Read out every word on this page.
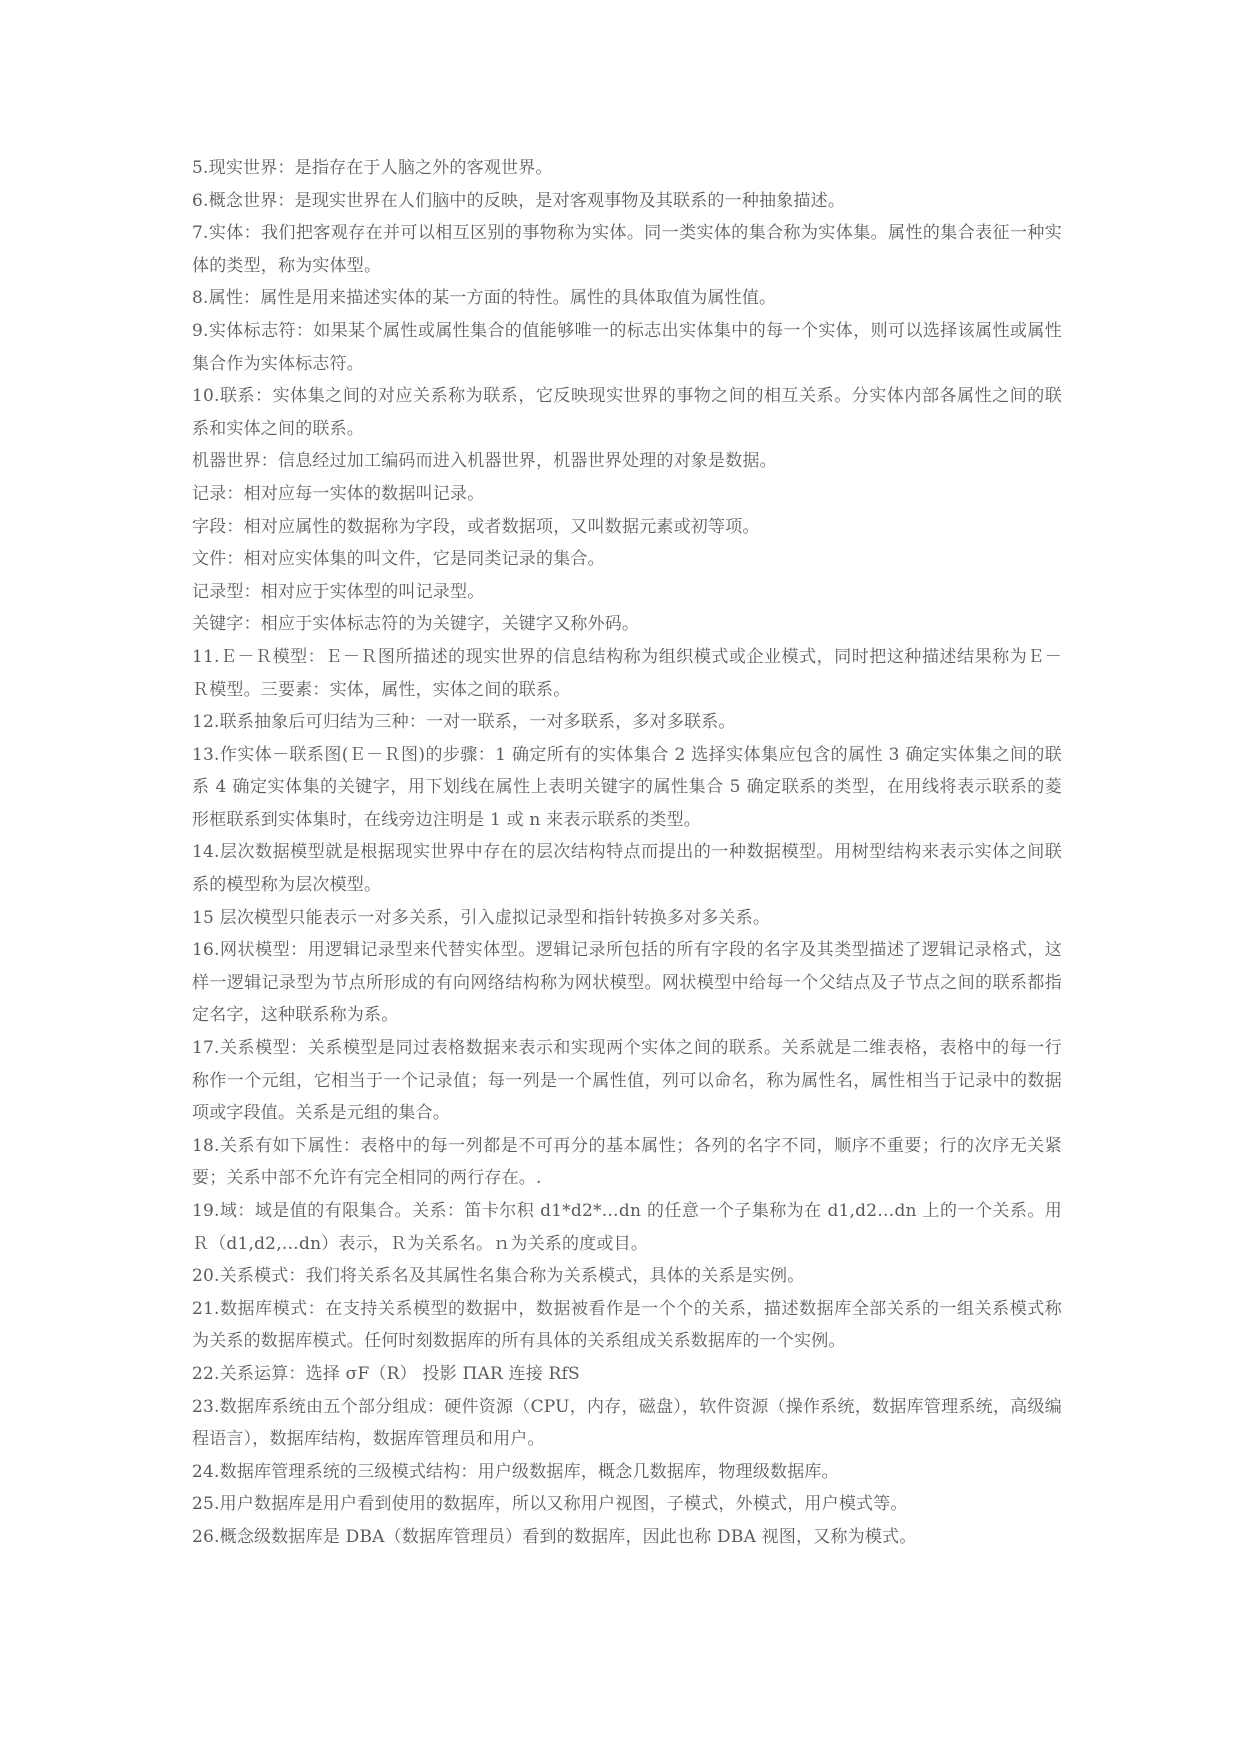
5.现实世界：是指存在于人脑之外的客观世界。

6.概念世界：是现实世界在人们脑中的反映，是对客观事物及其联系的一种抽象描述。

7.实体：我们把客观存在并可以相互区别的事物称为实体。同一类实体的集合称为实体集。属性的集合表征一种实体的类型，称为实体型。

8.属性：属性是用来描述实体的某一方面的特性。属性的具体取值为属性值。

9.实体标志符：如果某个属性或属性集合的值能够唯一的标志出实体集中的每一个实体，则可以选择该属性或属性集合作为实体标志符。

10.联系：实体集之间的对应关系称为联系，它反映现实世界的事物之间的相互关系。分实体内部各属性之间的联系和实体之间的联系。

机器世界：信息经过加工编码而进入机器世界，机器世界处理的对象是数据。

记录：相对应每一实体的数据叫记录。

字段：相对应属性的数据称为字段，或者数据项，又叫数据元素或初等项。

文件：相对应实体集的叫文件，它是同类记录的集合。

记录型：相对应于实体型的叫记录型。

关键字：相应于实体标志符的为关键字，关键字又称外码。

11.Ｅ－Ｒ模型：Ｅ－Ｒ图所描述的现实世界的信息结构称为组织模式或企业模式，同时把这种描述结果称为Ｅ－Ｒ模型。三要素：实体，属性，实体之间的联系。

12.联系抽象后可归结为三种：一对一联系，一对多联系，多对多联系。

13.作实体－联系图(Ｅ－Ｒ图)的步骤：1 确定所有的实体集合 2 选择实体集应包含的属性 3 确定实体集之间的联系 4 确定实体集的关键字，用下划线在属性上表明关键字的属性集合 5 确定联系的类型，在用线将表示联系的菱形框联系到实体集时，在线旁边注明是 1 或 n 来表示联系的类型。

14.层次数据模型就是根据现实世界中存在的层次结构特点而提出的一种数据模型。用树型结构来表示实体之间联系的模型称为层次模型。

15 层次模型只能表示一对多关系，引入虚拟记录型和指针转换多对多关系。

16.网状模型：用逻辑记录型来代替实体型。逻辑记录所包括的所有字段的名字及其类型描述了逻辑记录格式，这样一逻辑记录型为节点所形成的有向网络结构称为网状模型。网状模型中给每一个父结点及子节点之间的联系都指定名字，这种联系称为系。

17.关系模型：关系模型是同过表格数据来表示和实现两个实体之间的联系。关系就是二维表格，表格中的每一行称作一个元组，它相当于一个记录值；每一列是一个属性值，列可以命名，称为属性名，属性相当于记录中的数据项或字段值。关系是元组的集合。

18.关系有如下属性：表格中的每一列都是不可再分的基本属性；各列的名字不同，顺序不重要；行的次序无关紧要；关系中部不允许有完全相同的两行存在。.

19.域：域是值的有限集合。关系：笛卡尔积 d1*d2*…dn 的任意一个子集称为在 d1,d2…dn 上的一个关系。用Ｒ（d1,d2,…dn）表示，Ｒ为关系名。ｎ为关系的度或目。

20.关系模式：我们将关系名及其属性名集合称为关系模式，具体的关系是实例。

21.数据库模式：在支持关系模型的数据中，数据被看作是一个个的关系，描述数据库全部关系的一组关系模式称为关系的数据库模式。任何时刻数据库的所有具体的关系组成关系数据库的一个实例。

22.关系运算：选择 σF（R） 投影 ΠAR 连接 RfS

23.数据库系统由五个部分组成：硬件资源（CPU，内存，磁盘），软件资源（操作系统，数据库管理系统，高级编程语言），数据库结构，数据库管理员和用户。

24.数据库管理系统的三级模式结构：用户级数据库，概念几数据库，物理级数据库。

25.用户数据库是用户看到使用的数据库，所以又称用户视图，子模式，外模式，用户模式等。

26.概念级数据库是 DBA（数据库管理员）看到的数据库，因此也称 DBA 视图，又称为模式。
